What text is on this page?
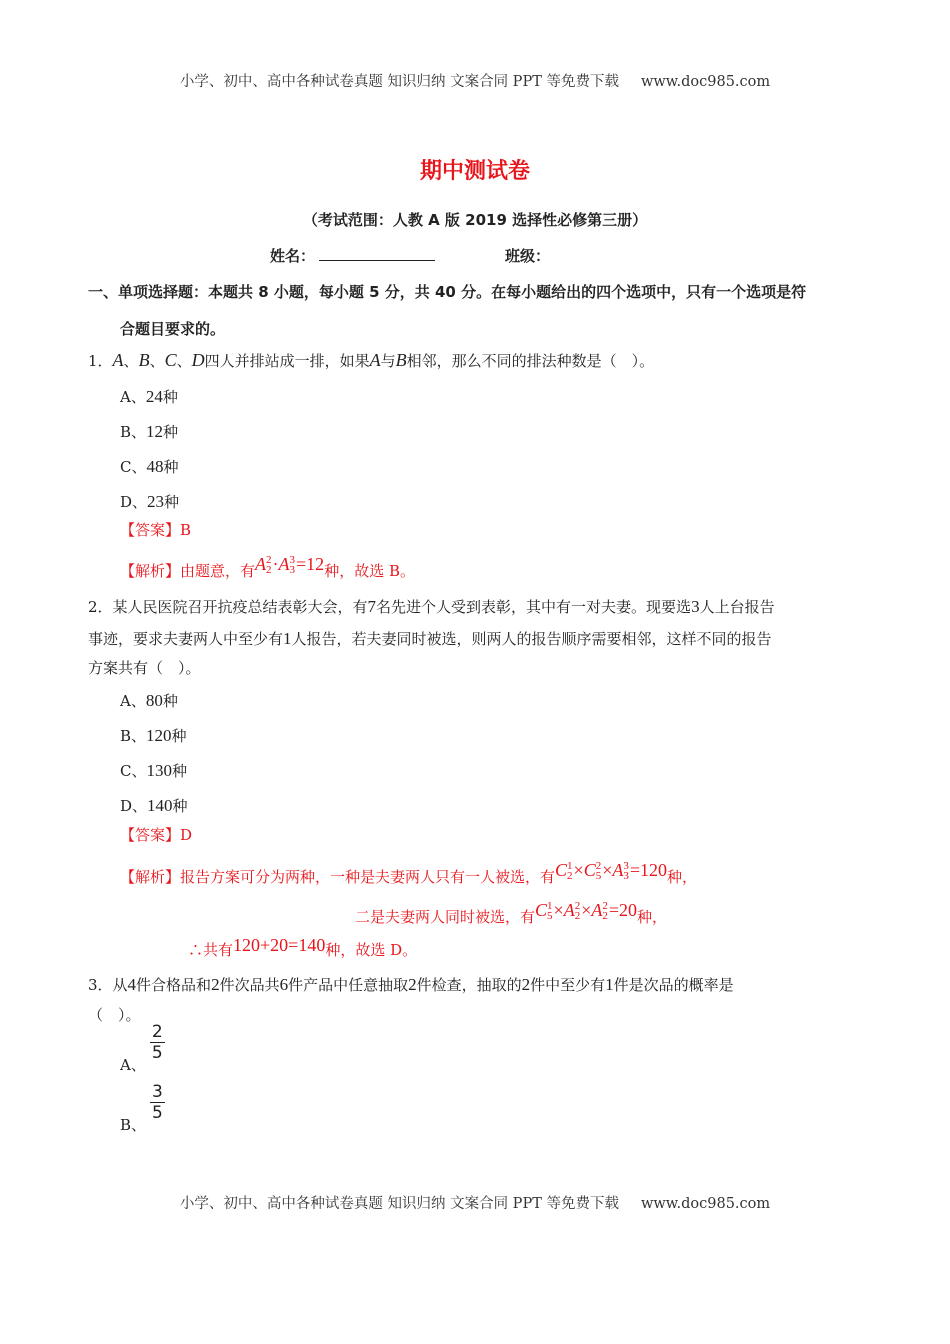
小学、初中、高中各种试卷真题 知识归纳 文案合同 PPT 等免费下载 www.doc985.com
期中测试卷
（考试范围：人教 A 版 2019 选择性必修第三册）
姓名：	班级：
一、单项选择题：本题共 8 小题，每小题 5 分，共 40 分。在每小题给出的四个选项中，只有一个选项是符
合题目要求的。
1．A、B、C、D四人并排站成一排，如果A与B相邻，那么不同的排法种数是（　）。
A、24种
B、12种
C、48种
D、23种
【答案】B
【解析】由题意，有 A 2
2 · A 3
3 =12 种，故选 B。
2．某人民医院召开抗疫总结表彰大会，有7名先进个人受到表彰，其中有一对夫妻。现要选3人上台报告
事迹，要求夫妻两人中至少有1人报告，若夫妻同时被选，则两人的报告顺序需要相邻，这样不同的报告
方案共有（　）。
A、80种
B、120种
C、130种
D、140种
【答案】D
【解析】报告方案可分为两种，一种是夫妻两人只有一人被选，有 C 1
2 × C 2
5 × A 3
3 =120 种，
二是夫妻两人同时被选，有 C 1
5 × A 2
2 × A 2
2 =20 种，
∴共有120+20=140种，故选 D。
3．从4件合格品和2件次品共6件产品中任意抽取2件检查，抽取的2件中至少有1件是次品的概率是
（　）。
A、
$\frac{2}{5}$
B、
$\frac{3}{5}$
小学、初中、高中各种试卷真题 知识归纳 文案合同 PPT 等免费下载 www.doc985.com
